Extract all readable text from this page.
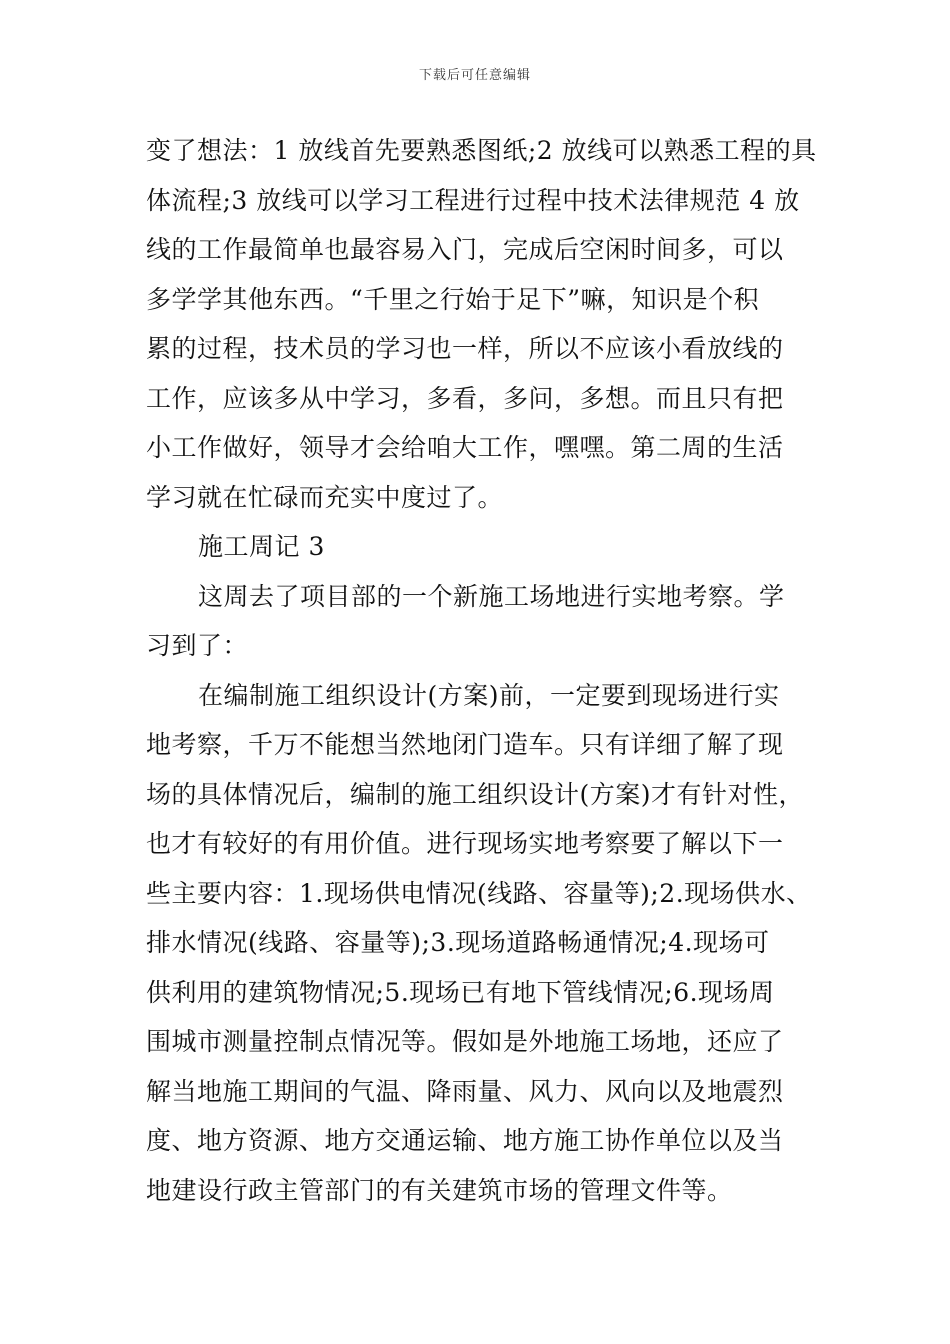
下载后可任意编辑
变了想法：1 放线首先要熟悉图纸;2 放线可以熟悉工程的具
体流程;3 放线可以学习工程进行过程中技术法律规范 4 放
线的工作最简单也最容易入门，完成后空闲时间多，可以
多学学其他东西。“千里之行始于足下”嘛，知识是个积
累的过程，技术员的学习也一样，所以不应该小看放线的
工作，应该多从中学习，多看，多问，多想。而且只有把
小工作做好，领导才会给咱大工作，嘿嘿。第二周的生活
学习就在忙碌而充实中度过了。
施工周记 3
这周去了项目部的一个新施工场地进行实地考察。学
习到了：
在编制施工组织设计(方案)前，一定要到现场进行实
地考察，千万不能想当然地闭门造车。只有详细了解了现
场的具体情况后，编制的施工组织设计(方案)才有针对性，
也才有较好的有用价值。进行现场实地考察要了解以下一
些主要内容：1.现场供电情况(线路、容量等);2.现场供水、
排水情况(线路、容量等);3.现场道路畅通情况;4.现场可
供利用的建筑物情况;5.现场已有地下管线情况;6.现场周
围城市测量控制点情况等。假如是外地施工场地，还应了
解当地施工期间的气温、降雨量、风力、风向以及地震烈
度、地方资源、地方交通运输、地方施工协作单位以及当
地建设行政主管部门的有关建筑市场的管理文件等。
